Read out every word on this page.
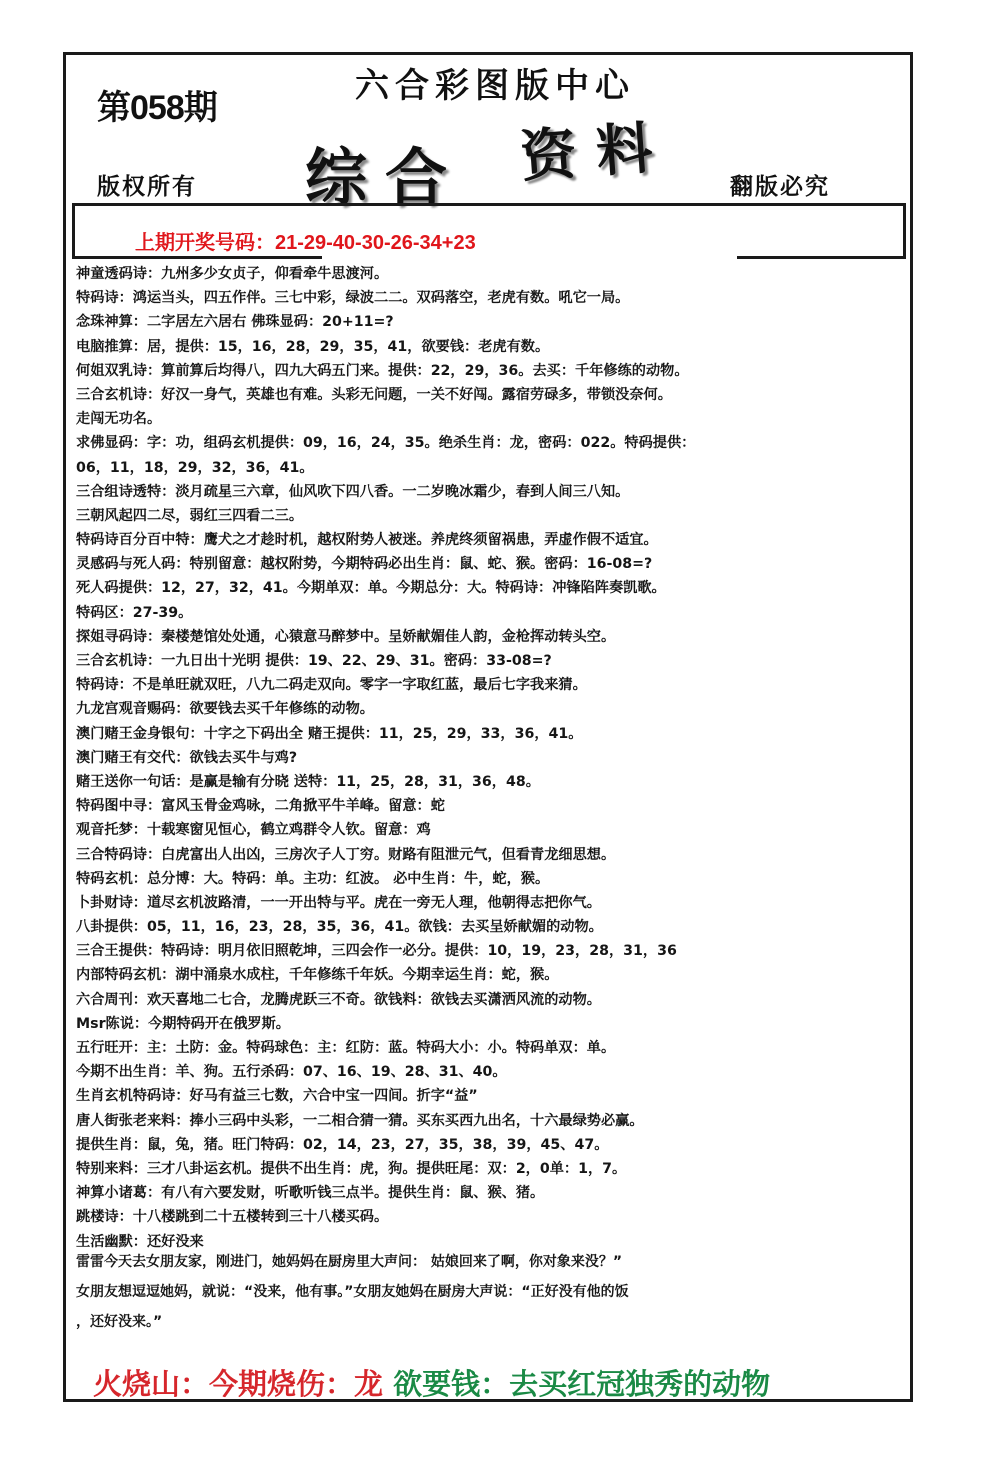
第058期
六合彩图版中心
综合 资料
版权所有	翻版必究
上期开奖号码：21-29-40-30-26-34+23
神童透码诗：九州多少女贞子，仰看牵牛思渡河。
特码诗：鸿运当头，四五作伴。三七中彩，绿波二二。双码落空，老虎有数。吼它一局。
念珠神算：二字居左六居右 佛珠显码：20+11=?
电脑推算：居，提供：15，16，28，29，35，41，欲要钱：老虎有数。
何姐双乳诗：算前算后均得八，四九大码五门来。提供：22，29，36。去买：千年修练的动物。
三合玄机诗：好汉一身气，英雄也有难。头彩无问题，一关不好闯。露宿劳碌多，带锁没奈何。
走闯无功名。
求佛显码：字：功，组码玄机提供：09，16，24，35。绝杀生肖：龙，密码：022。特码提供：
06，11，18，29，32，36，41。
三合组诗透特：淡月疏星三六章，仙风吹下四八香。一二岁晚冰霜少，春到人间三八知。
三朝风起四二尽，弱红三四看二三。
特码诗百分百中特：鹰犬之才趁时机，越权附势人被迷。养虎终须留祸患，弄虚作假不适宜。
灵感码与死人码：特别留意：越权附势，今期特码必出生肖：鼠、蛇、猴。密码：16-08=?
死人码提供：12，27，32，41。今期单双：单。今期总分：大。特码诗：冲锋陷阵奏凯歌。
特码区：27-39。
探姐寻码诗：秦楼楚馆处处通，心猿意马醉梦中。呈娇献媚佳人韵，金枪挥动转头空。
三合玄机诗：一九日出十光明 提供：19、22、29、31。密码：33-08=?
特码诗：不是单旺就双旺，八九二码走双向。零字一字取红蓝，最后七字我来猜。
九龙宫观音赐码：欲要钱去买千年修练的动物。
澳门赌王金身银句：十字之下码出全 赌王提供：11，25，29，33，36，41。
澳门赌王有交代：欲钱去买牛与鸡?
赌王送你一句话：是赢是输有分晓 送特：11，25，28，31，36，48。
特码图中寻：富风玉骨金鸡咏，二角掀平牛羊峰。留意：蛇
观音托梦：十载寒窗见恒心，鹤立鸡群令人钦。留意：鸡
三合特码诗：白虎富出人出凶，三房次子人丁穷。财路有阻泄元气，但看青龙细思想。
特码玄机：总分博：大。特码：单。主功：红波。 必中生肖：牛，蛇，猴。
卜卦财诗：道尽玄机波路清，一一开出特与平。虎在一旁无人理，他朝得志把你气。
八卦提供：05，11，16，23，28，35，36，41。欲钱：去买呈娇献媚的动物。
三合王提供：特码诗：明月依旧照乾坤，三四会作一必分。提供：10，19，23，28，31，36
内部特码玄机：湖中涌泉水成柱，千年修练千年妖。今期幸运生肖：蛇，猴。
六合周刊：欢天喜地二七合，龙腾虎跃三不奇。欲钱料：欲钱去买潇洒风流的动物。
Msr陈说：今期特码开在俄罗斯。
五行旺开：主：土防：金。特码球色：主：红防：蓝。特码大小：小。特码单双：单。
今期不出生肖：羊、狗。五行杀码：07、16、19、28、31、40。
生肖玄机特码诗：好马有益三七数，六合中宝一四间。折字“益”
唐人街张老来料：捧小三码中头彩，一二相合猜一猜。买东买西九出名，十六最绿势必赢。
提供生肖：鼠，兔，猪。旺门特码：02，14，23，27，35，38，39，45、47。
特别来料：三才八卦运玄机。提供不出生肖：虎，狗。提供旺尾：双：2，0单：1，7。
神算小诸葛：有八有六要发财，听歌听钱三点半。提供生肖：鼠、猴、猪。
跳楼诗：十八楼跳到二十五楼转到三十八楼买码。
生活幽默：还好没来
雷雷今天去女朋友家，刚进门，她妈妈在厨房里大声问： 姑娘回来了啊，你对象来没？”
女朋友想逗逗她妈，就说：“没来，他有事。”女朋友她妈在厨房大声说：“正好没有他的饭
，还好没来。”
火烧山：今期烧伤：龙 欲要钱：去买红冠独秀的动物
